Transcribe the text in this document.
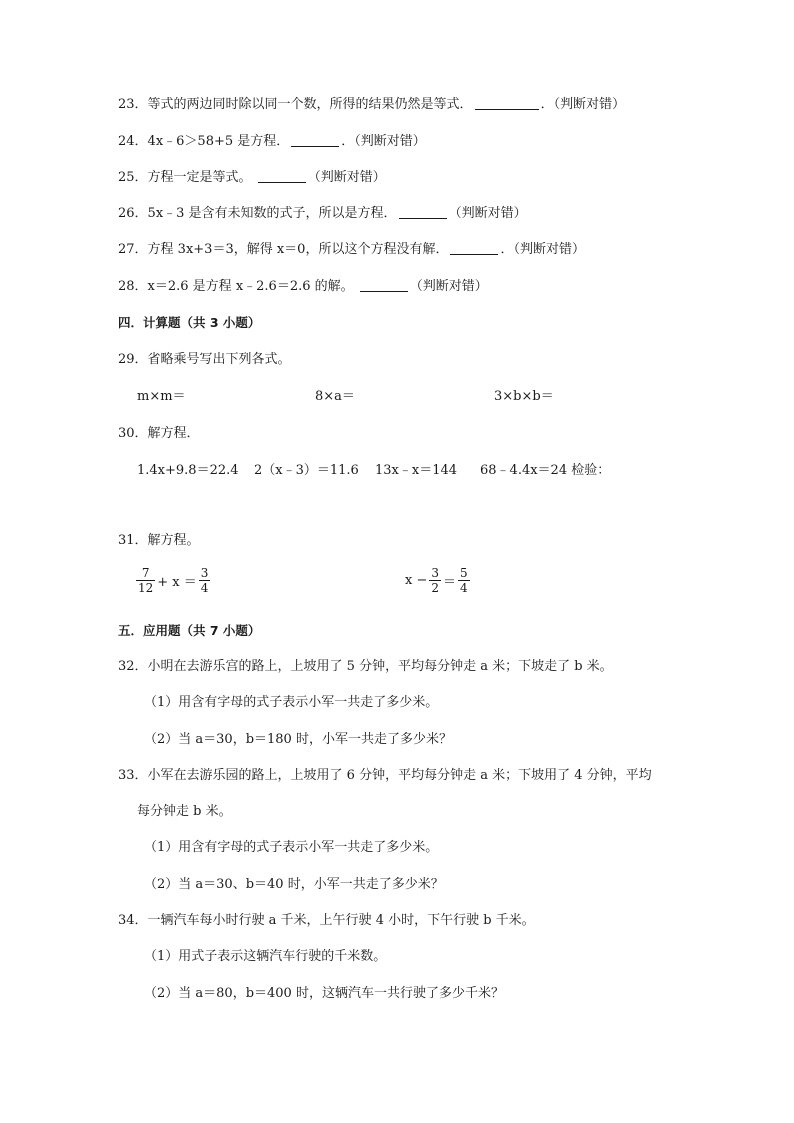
23．等式的两边同时除以同一个数，所得的结果仍然是等式．	．（判断对错）
24．4x﹣6＞58+5 是方程．	．（判断对错）
25．方程一定是等式。	（判断对错）
26．5x﹣3 是含有未知数的式子，所以是方程．	（判断对错）
27．方程 3x+3＝3，解得 x＝0，所以这个方程没有解．	．（判断对错）
28．x＝2.6 是方程 x﹣2.6＝2.6 的解。	（判断对错）
四．计算题（共 3 小题）
29．省略乘号写出下列各式。
m×m＝	8×a＝	3×b×b＝
30．解方程．
1.4x+9.8＝22.4 2（x﹣3）＝11.6 13x﹣x＝144 68﹣4.4x＝24 检验：
31．解方程。
$\frac{7}{12} + x = \frac{3}{4}$	$x - \frac{3}{2} = \frac{5}{4}$
五．应用题（共 7 小题）
32．小明在去游乐宫的路上，上坡用了 5 分钟，平均每分钟走 a 米；下坡走了 b 米。
（1）用含有字母的式子表示小军一共走了多少米。
（2）当 a＝30，b＝180 时，小军一共走了多少米？
33．小军在去游乐园的路上，上坡用了 6 分钟，平均每分钟走 a 米；下坡用了 4 分钟，平均
每分钟走 b 米。
（1）用含有字母的式子表示小军一共走了多少米。
（2）当 a＝30、b＝40 时，小军一共走了多少米？
34．一辆汽车每小时行驶 a 千米，上午行驶 4 小时，下午行驶 b 千米。
（1）用式子表示这辆汽车行驶的千米数。
（2）当 a＝80，b＝400 时，这辆汽车一共行驶了多少千米？
